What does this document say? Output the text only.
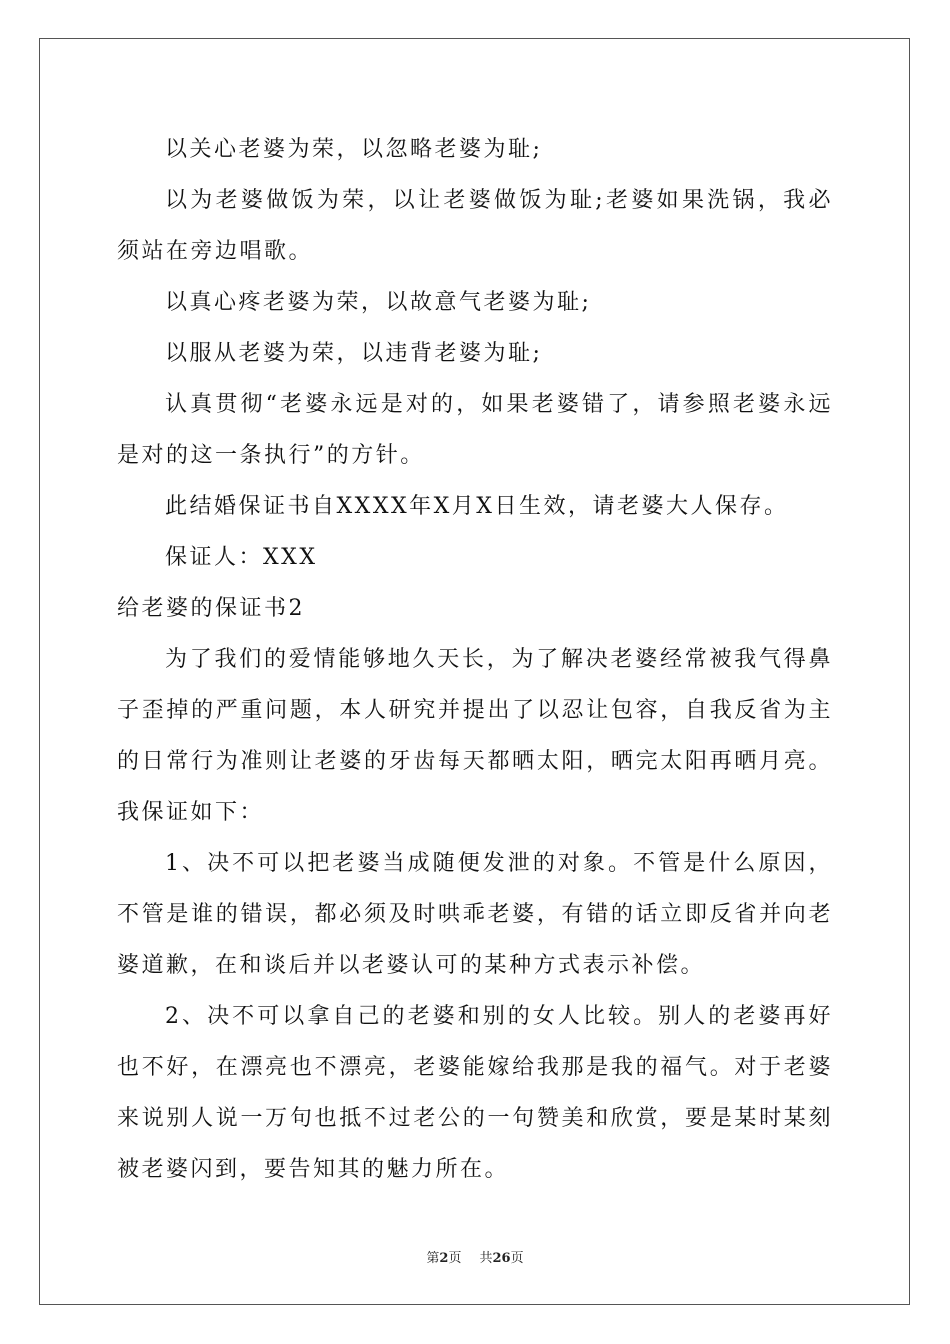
以关心老婆为荣，以忽略老婆为耻;

以为老婆做饭为荣，以让老婆做饭为耻;老婆如果洗锅，我必须站在旁边唱歌。

以真心疼老婆为荣，以故意气老婆为耻;

以服从老婆为荣，以违背老婆为耻;

认真贯彻“老婆永远是对的，如果老婆错了，请参照老婆永远是对的这一条执行”的方针。

此结婚保证书自XXXX年X月X日生效，请老婆大人保存。

保证人：XXX

给老婆的保证书2

为了我们的爱情能够地久天长，为了解决老婆经常被我气得鼻子歪掉的严重问题，本人研究并提出了以忍让包容，自我反省为主的日常行为准则让老婆的牙齿每天都晒太阳，晒完太阳再晒月亮。我保证如下：

1、决不可以把老婆当成随便发泄的对象。不管是什么原因，不管是谁的错误，都必须及时哄乖老婆，有错的话立即反省并向老婆道歉，在和谈后并以老婆认可的某种方式表示补偿。

2、决不可以拿自己的老婆和别的女人比较。别人的老婆再好也不好，在漂亮也不漂亮，老婆能嫁给我那是我的福气。对于老婆来说别人说一万句也抵不过老公的一句赞美和欣赏，要是某时某刻被老婆闪到，要告知其的魅力所在。

第2页 共26页
